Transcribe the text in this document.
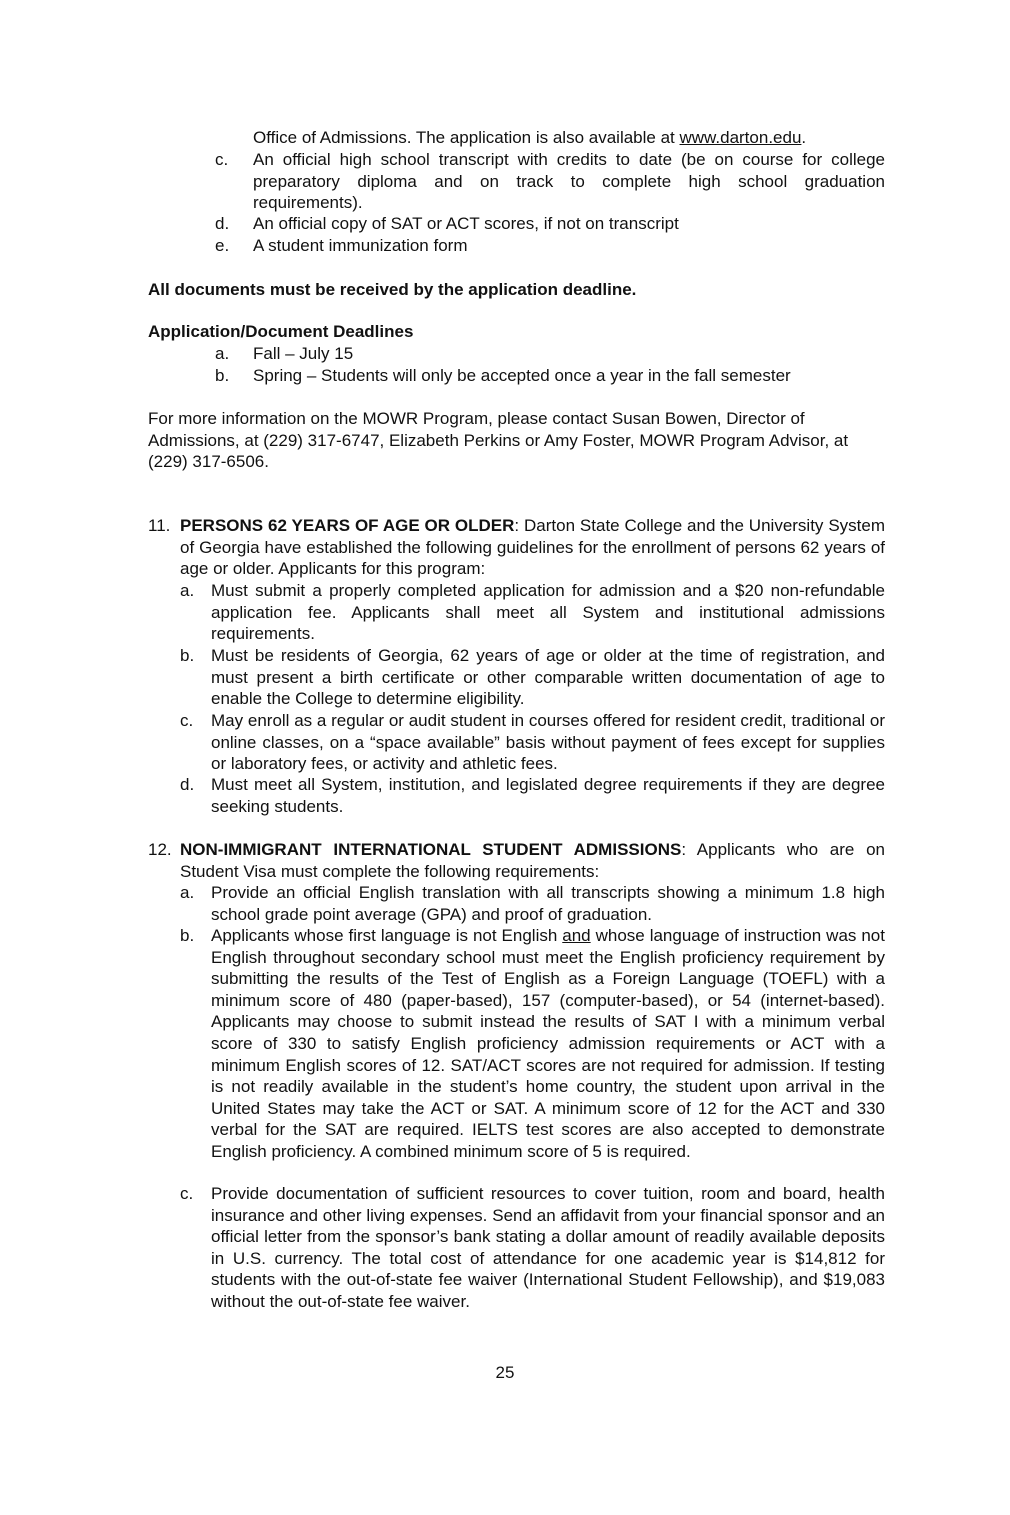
Office of Admissions. The application is also available at www.darton.edu.
c. An official high school transcript with credits to date (be on course for college preparatory diploma and on track to complete high school graduation requirements).

d. An official copy of SAT or ACT scores, if not on transcript

e. A student immunization form

All documents must be received by the application deadline.

Application/Document Deadlines

a. Fall – July 15

b. Spring – Students will only be accepted once a year in the fall semester

For more information on the MOWR Program, please contact Susan Bowen, Director of Admissions, at (229) 317-6747, Elizabeth Perkins or Amy Foster, MOWR Program Advisor, at (229) 317-6506.

11. PERSONS 62 YEARS OF AGE OR OLDER: Darton State College and the University System of Georgia have established the following guidelines for the enrollment of persons 62 years of age or older. Applicants for this program:

a. Must submit a properly completed application for admission and a $20 non-refundable application fee. Applicants shall meet all System and institutional admissions requirements.

b. Must be residents of Georgia, 62 years of age or older at the time of registration, and must present a birth certificate or other comparable written documentation of age to enable the College to determine eligibility.

c. May enroll as a regular or audit student in courses offered for resident credit, traditional or online classes, on a “space available” basis without payment of fees except for supplies or laboratory fees, or activity and athletic fees.

d. Must meet all System, institution, and legislated degree requirements if they are degree seeking students.

12. NON-IMMIGRANT INTERNATIONAL STUDENT ADMISSIONS: Applicants who are on Student Visa must complete the following requirements:

a. Provide an official English translation with all transcripts showing a minimum 1.8 high school grade point average (GPA) and proof of graduation.

b. Applicants whose first language is not English and whose language of instruction was not English throughout secondary school must meet the English proficiency requirement by submitting the results of the Test of English as a Foreign Language (TOEFL) with a minimum score of 480 (paper-based), 157 (computer-based), or 54 (internet-based). Applicants may choose to submit instead the results of SAT I with a minimum verbal score of 330 to satisfy English proficiency admission requirements or ACT with a minimum English scores of 12. SAT/ACT scores are not required for admission. If testing is not readily available in the student’s home country, the student upon arrival in the United States may take the ACT or SAT. A minimum score of 12 for the ACT and 330 verbal for the SAT are required. IELTS test scores are also accepted to demonstrate English proficiency. A combined minimum score of 5 is required.

c. Provide documentation of sufficient resources to cover tuition, room and board, health insurance and other living expenses. Send an affidavit from your financial sponsor and an official letter from the sponsor’s bank stating a dollar amount of readily available deposits in U.S. currency. The total cost of attendance for one academic year is $14,812 for students with the out-of-state fee waiver (International Student Fellowship), and $19,083 without the out-of-state fee waiver.

25
